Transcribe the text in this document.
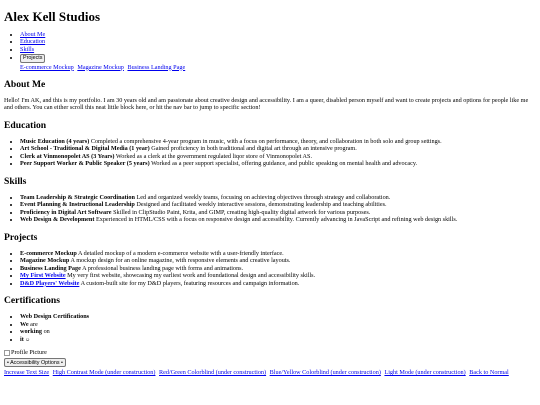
Alex Kell Studios
• About Me
• Education
• Skills
• Projects
E-commerce Mockup Magazine Mockup Business Landing Page
About Me

Hello! I'm AK, and this is my portfolio. I am 30 years old and am passionate about creative design and accessibility. I am a queer, disabled person myself and want to create projects and options for people like me and others. You can either scroll this neat little block here, or hit the nav bar to jump to specific section!

Education
• Music Education (4 years) Completed a comprehensive 4-year program in music, with a focus on performance, theory, and collaboration in both solo and group settings.
• Art School - Traditional & Digital Media (1 year) Gained proficiency in both traditional and digital art through an intensive program.
• Clerk at Vinmonopolet AS (3 Years) Worked as a clerk at the government regulated liqor store of Vinmonopolet AS.
• Peer Support Worker & Public Speaker (5 years) Worked as a peer support specialist, offering guidance, and public speaking on mental health and advocacy.
Skills
• Team Leadership & Strategic Coordination Led and organized weekly teams, focusing on achieving objectives through strategy and collaboration.
• Event Planning & Instructional Leadership Designed and facilitated weekly interactive sessions, demonstrating leadership and teaching abilities.
• Proficiency in Digital Art Software Skilled in ClipStudio Paint, Krita, and GIMP, creating high-quality digital artwork for various purposes.
• Web Design & Development Experienced in HTML/CSS with a focus on responsive design and accessibility. Currently advancing in JavaScript and refining web design skills.
Projects
• E-commerce Mockup A detailed mockup of a modern e-commerce website with a user-friendly interface.
• Magazine Mockup A mockup design for an online magazine, with responsive elements and creative layouts.
• Business Landing Page A professional business landing page with forms and animations.
• My First Website My very first website, showcasing my earliest work and foundational design and accessibility skills.
• D&D Players' Website A custom-built site for my D&D players, featuring resources and campaign information.
Certifications
• Web Design Certifications
• We are
• working on
• it ☺
Profile Picture
• Accessibility Options •
Increase Text Size High Contrast Mode (under construction) Red/Green Colorblind (under construction) Blue/Yellow Colorblind (under construction) Light Mode (under construction) Back to Normal
